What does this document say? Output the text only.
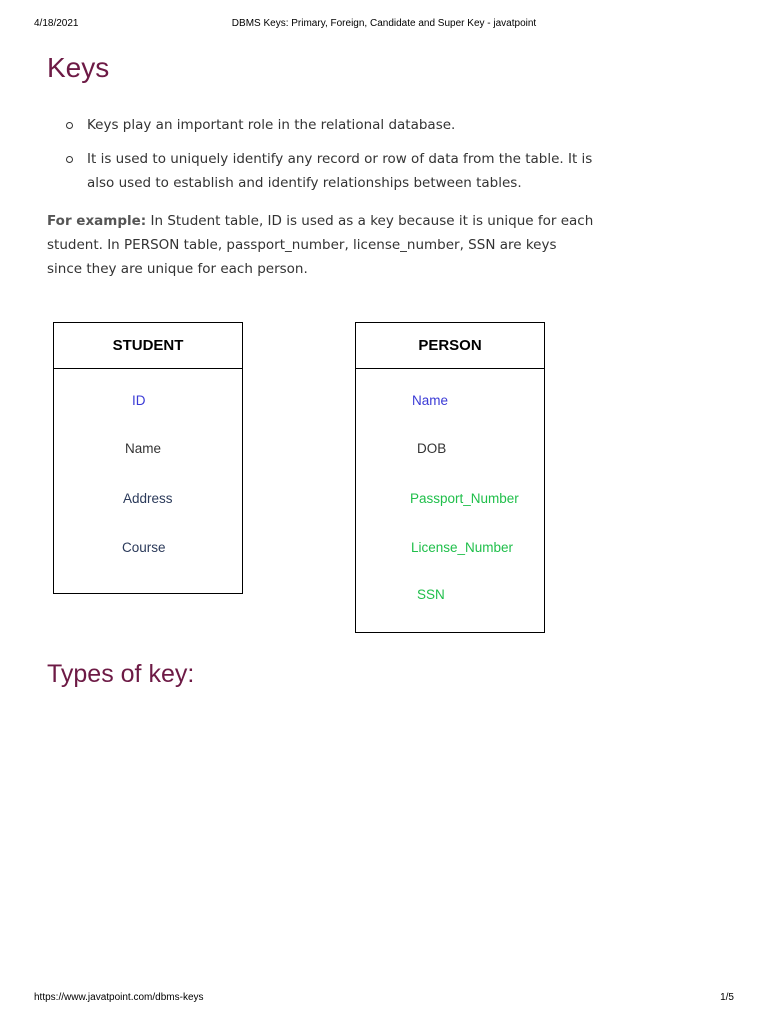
4/18/2021	DBMS Keys: Primary, Foreign, Candidate and Super Key - javatpoint
Keys
Keys play an important role in the relational database.
It is used to uniquely identify any record or row of data from the table. It is also used to establish and identify relationships between tables.

For example: In Student table, ID is used as a key because it is unique for each student. In PERSON table, passport_number, license_number, SSN are keys since they are unique for each person.

STUDENT
ID
Name
Address
Course
PERSON
Name
DOB
Passport_Number
License_Number
SSN
Types of key:
https://www.javatpoint.com/dbms-keys	1/5
